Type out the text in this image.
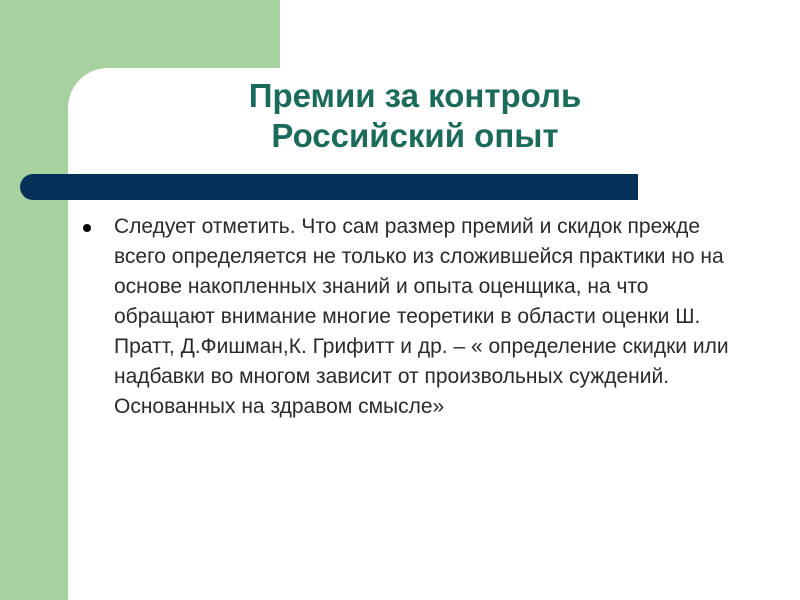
Премии за контроль
Российский опыт
Следует отметить. Что сам размер премий и скидок прежде всего определяется не только из сложившейся практики но на основе накопленных знаний и опыта оценщика, на что обращают внимание многие теоретики в области оценки Ш. Пратт, Д.Фишман,К. Грифитт и др. – « определение скидки или надбавки во многом зависит от произвольных суждений. Основанных на здравом смысле»
